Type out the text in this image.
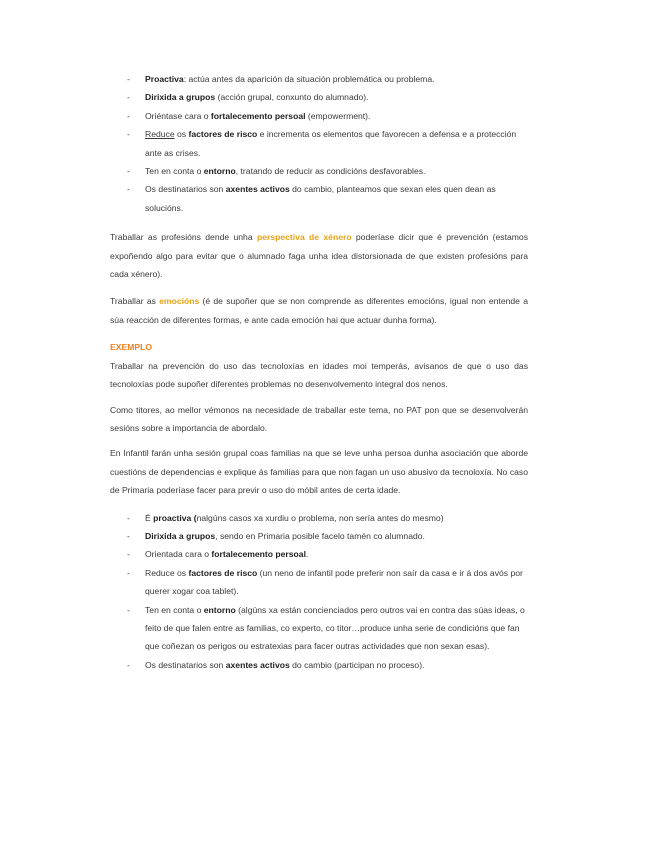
- Proactiva: actúa antes da aparición da situación problemática ou problema.
- Dirixida a grupos (acción grupal, conxunto do alumnado).
- Oriéntase cara o fortalecemento persoal (empowerment).
- Reduce os factores de risco e incrementa os elementos que favorecen a defensa e a protección ante as crises.
- Ten en conta o entorno, tratando de reducir as condicións desfavorables.
- Os destinatarios son axentes activos do cambio, planteamos que sexan eles quen dean as solucións.

Traballar as profesións dende unha perspectiva de xénero poderíase dicir que é prevención (estamos expoñendo algo para evitar que o alumnado faga unha idea distorsionada de que existen profesións para cada xénero).

Traballar as emocións (é de supoñer que se non comprende as diferentes emocións, igual non entende a súa reacción de diferentes formas, e ante cada emoción hai que actuar dunha forma).

EXEMPLO

Traballar na prevención do uso das tecnoloxías en idades moi temperás, avisanos de que o uso das tecnoloxías pode supoñer diferentes problemas no desenvolvemento integral dos nenos.

Como titores, ao mellor vémonos na necesidade de traballar este tema, no PAT pon que se desenvolverán sesións sobre a importancia de abordalo.

En Infantil farán unha sesión grupal coas familias na que se leve unha persoa dunha asociación que aborde cuestións de dependencias e explique ás familias para que non fagan un uso abusivo da tecnoloxía. No caso de Primaria poderíase facer para previr o uso do móbil antes de certa idade.

- É proactiva (nalgúns casos xa xurdiu o problema, non sería antes do mesmo)
- Dirixida a grupos, sendo en Primaria posible facelo tamén co alumnado.
- Orientada cara o fortalecemento persoal.
- Reduce os factores de risco (un neno de infantil pode preferir non saír da casa e ir á dos avós por querer xogar coa tablet).
- Ten en conta o entorno (algúns xa están concienciados pero outros vai en contra das súas ideas, o feito de que falen entre as familias, co experto, co titor…produce unha serie de condicións que fan que coñezan os perigos ou estratexias para facer outras actividades que non sexan esas).
- Os destinatarios son axentes activos do cambio (participan no proceso).
